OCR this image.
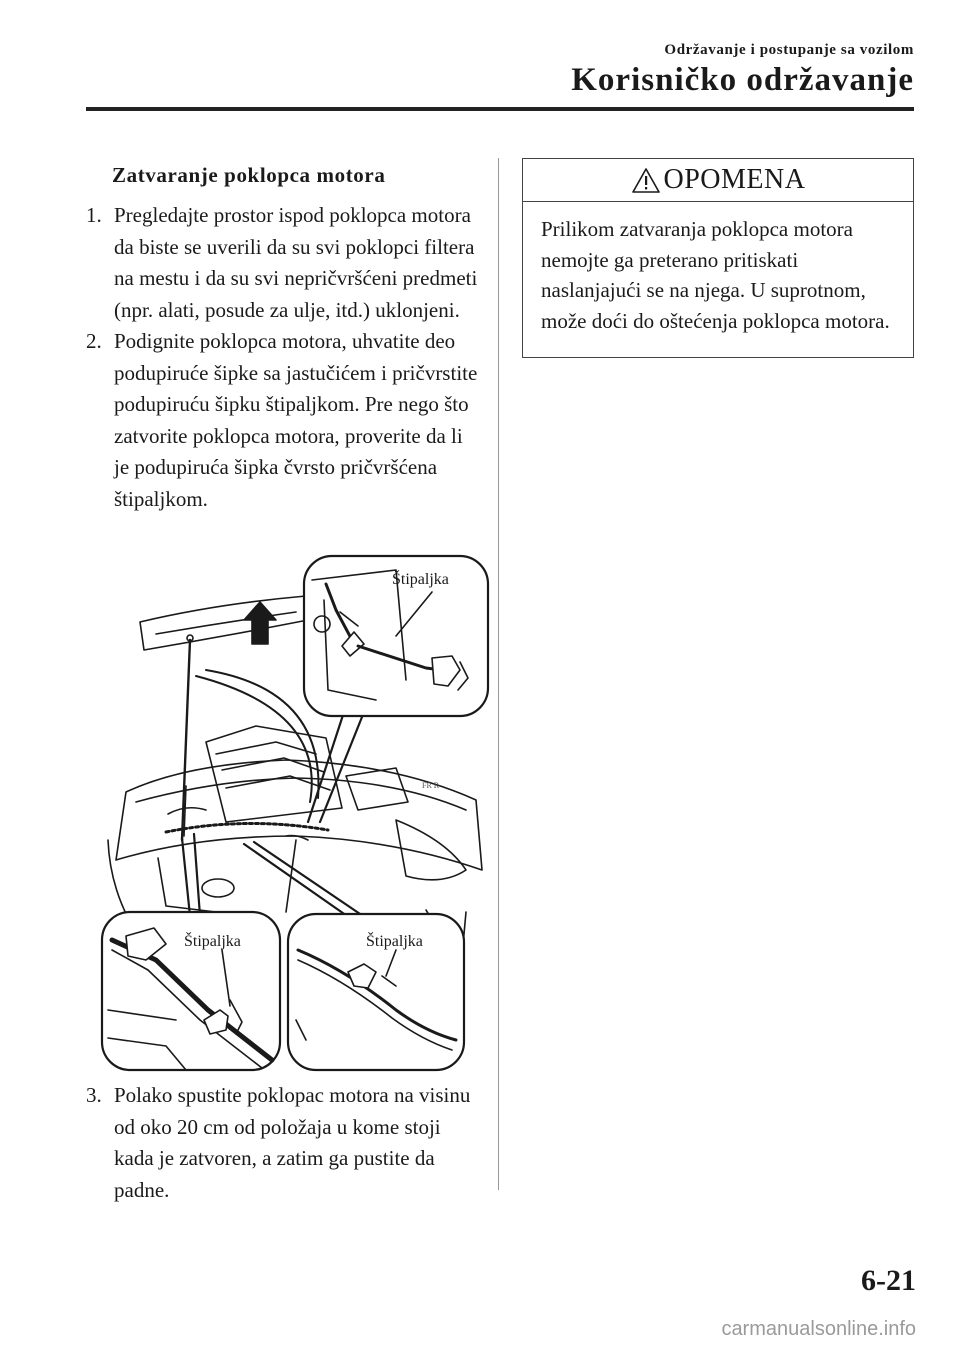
Održavanje i postupanje sa vozilom
Korisničko održavanje
Zatvaranje poklopca motora
1. Pregledajte prostor ispod poklopca motora da biste se uverili da su svi poklopci filtera na mestu i da su svi nepričvršćeni predmeti (npr. alati, posude za ulje, itd.) uklonjeni.
2. Podignite poklopca motora, uhvatite deo podupiruće šipke sa jastučićem i pričvrstite podupiruću šipku štipaljkom. Pre nego što zatvorite poklopca motora, proverite da li je podupiruća šipka čvrsto pričvršćena štipaljkom.
FR R
Štipaljka
Štipaljka	Štipaljka
3. Polako spustite poklopac motora na visinu od oko 20 cm od položaja u kome stoji kada je zatvoren, a zatim ga pustite da padne.
OPOMENA
Prilikom zatvaranja poklopca motora nemojte ga preterano pritiskati naslanjajući se na njega. U suprotnom, može doći do oštećenja poklopca motora.
6-21
carmanualsonline.info
